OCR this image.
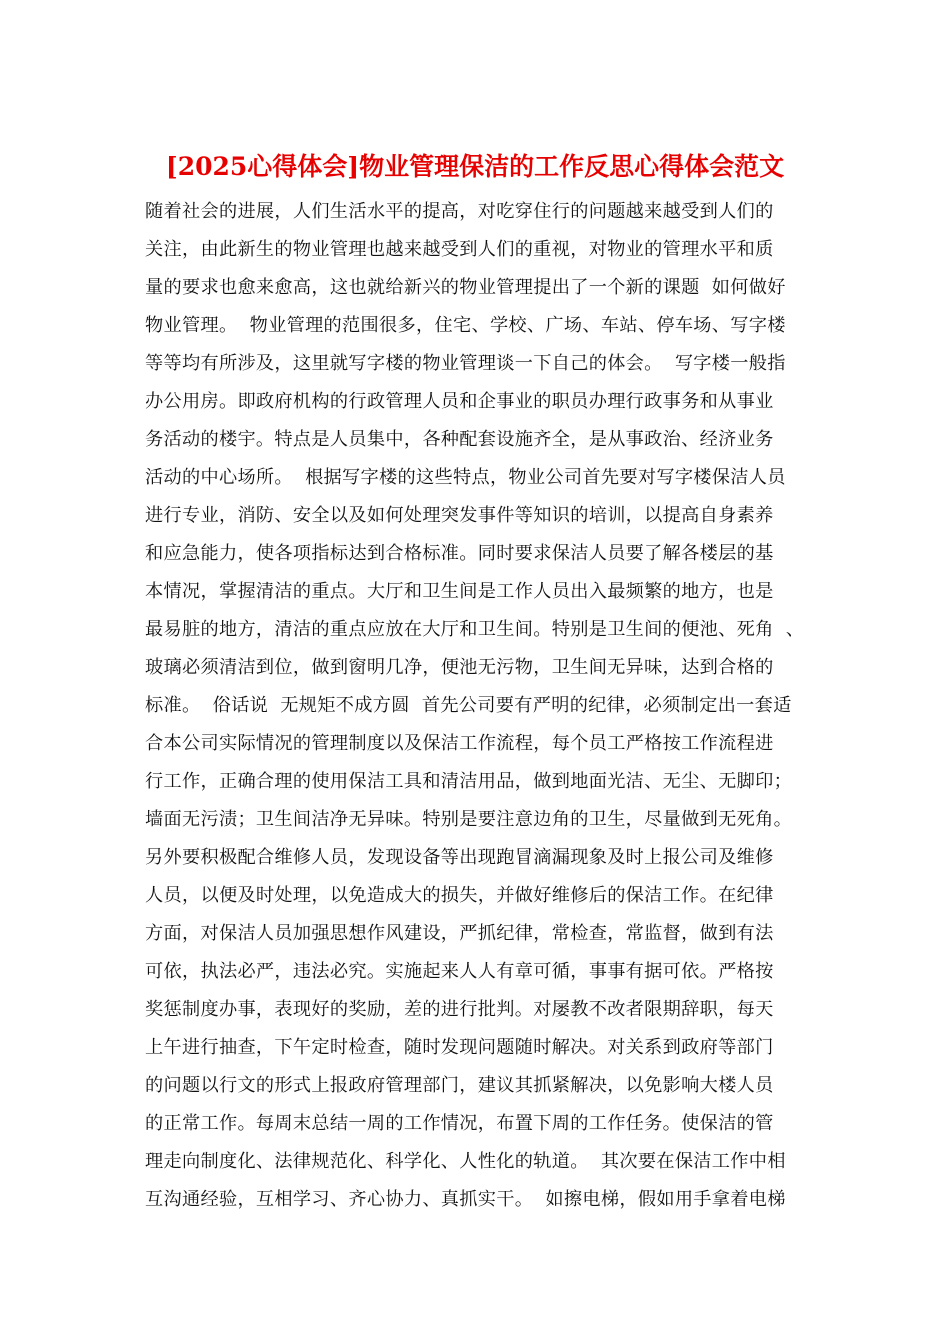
[2025心得体会]物业管理保洁的工作反思心得体会范文
随着社会的进展，人们生活水平的提高，对吃穿住行的问题越来越受到人们的
关注，由此新生的物业管理也越来越受到人们的重视，对物业的管理水平和质
量的要求也愈来愈高，这也就给新兴的物业管理提出了一个新的课题  如何做好
物业管理。  物业管理的范围很多，住宅、学校、广场、车站、停车场、写字楼
等等均有所涉及，这里就写字楼的物业管理谈一下自己的体会。  写字楼一般指
办公用房。即政府机构的行政管理人员和企事业的职员办理行政事务和从事业
务活动的楼宇。特点是人员集中，各种配套设施齐全，是从事政治、经济业务
活动的中心场所。  根据写字楼的这些特点，物业公司首先要对写字楼保洁人员
进行专业，消防、安全以及如何处理突发事件等知识的培训，以提高自身素养
和应急能力，使各项指标达到合格标准。同时要求保洁人员要了解各楼层的基
本情况，掌握清洁的重点。大厅和卫生间是工作人员出入最频繁的地方，也是
最易脏的地方，清洁的重点应放在大厅和卫生间。特别是卫生间的便池、死角  、
玻璃必须清洁到位，做到窗明几净，便池无污物，卫生间无异味，达到合格的
标准。  俗话说  无规矩不成方圆  首先公司要有严明的纪律，必须制定出一套适
合本公司实际情况的管理制度以及保洁工作流程，每个员工严格按工作流程进
行工作，正确合理的使用保洁工具和清洁用品，做到地面光洁、无尘、无脚印；
墙面无污渍；卫生间洁净无异味。特别是要注意边角的卫生，尽量做到无死角。
另外要积极配合维修人员，发现设备等出现跑冒滴漏现象及时上报公司及维修
人员，以便及时处理，以免造成大的损失，并做好维修后的保洁工作。在纪律
方面，对保洁人员加强思想作风建设，严抓纪律，常检查，常监督，做到有法
可依，执法必严，违法必究。实施起来人人有章可循，事事有据可依。严格按
奖惩制度办事，表现好的奖励，差的进行批判。对屡教不改者限期辞职，每天
上午进行抽查，下午定时检查，随时发现问题随时解决。对关系到政府等部门
的问题以行文的形式上报政府管理部门，建议其抓紧解决，以免影响大楼人员
的正常工作。每周末总结一周的工作情况，布置下周的工作任务。使保洁的管
理走向制度化、法律规范化、科学化、人性化的轨道。  其次要在保洁工作中相
互沟通经验，互相学习、齐心协力、真抓实干。  如擦电梯，假如用手拿着电梯
